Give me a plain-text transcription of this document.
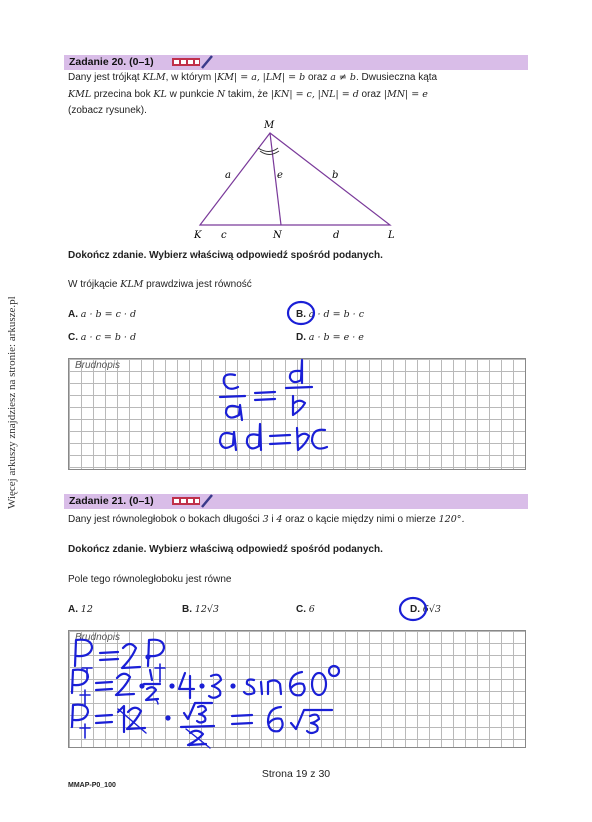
Więcej arkuszy znajdziesz na stronie: arkusze.pl
Zadanie 20. (0–1)
Dany jest trójkąt KLM, w którym |KM| = a, |LM| = b oraz a ≠ b. Dwusieczna kąta
KML przecina bok KL w punkcie N takim, że |KN| = c, |NL| = d oraz |MN| = e
(zobacz rysunek).
M
K	N	L
a	b
e
c	d
Dokończ zdanie. Wybierz właściwą odpowiedź spośród podanych.
W trójkącie KLM prawdziwa jest równość
A. a · b = c · d	B. a · d = b · c
C. a · c = b · d	D. a · b = e · e
Brudnopis
Zadanie 21. (0–1)
Dany jest równoległobok o bokach długości 3 i 4 oraz o kącie między nimi o mierze 120°.
Dokończ zdanie. Wybierz właściwą odpowiedź spośród podanych.
Pole tego równoległoboku jest równe
A. 12	B. 12√3	C. 6	D. 6√3
Brudnopis
Strona 19 z 30
MMAP-P0_100
